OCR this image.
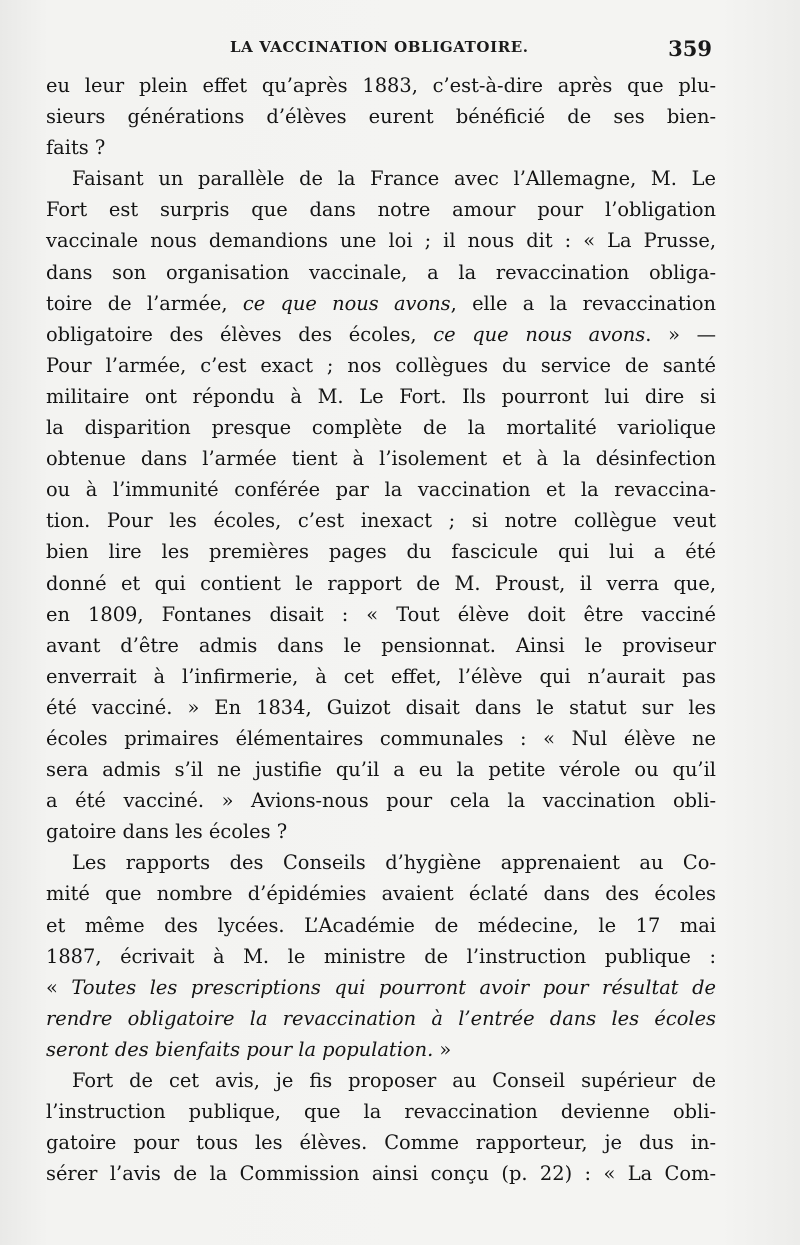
LA VACCINATION OBLIGATOIRE.	359
eu leur plein effet qu’après 1883, c’est-à-dire après que plu-
sieurs générations d’élèves eurent bénéficié de ses bien-
faits ?
Faisant un parallèle de la France avec l’Allemagne, M. Le
Fort est surpris que dans notre amour pour l’obligation
vaccinale nous demandions une loi ; il nous dit : « La Prusse,
dans son organisation vaccinale, a la revaccination obliga-
toire de l’armée, ce que nous avons, elle a la revaccination
obligatoire des élèves des écoles, ce que nous avons. » —
Pour l’armée, c’est exact ; nos collègues du service de santé
militaire ont répondu à M. Le Fort. Ils pourront lui dire si
la disparition presque complète de la mortalité variolique
obtenue dans l’armée tient à l’isolement et à la désinfection
ou à l’immunité conférée par la vaccination et la revaccina-
tion. Pour les écoles, c’est inexact ; si notre collègue veut
bien lire les premières pages du fascicule qui lui a été
donné et qui contient le rapport de M. Proust, il verra que,
en 1809, Fontanes disait : « Tout élève doit être vacciné
avant d’être admis dans le pensionnat. Ainsi le proviseur
enverrait à l’infirmerie, à cet effet, l’élève qui n’aurait pas
été vacciné. » En 1834, Guizot disait dans le statut sur les
écoles primaires élémentaires communales : « Nul élève ne
sera admis s’il ne justifie qu’il a eu la petite vérole ou qu’il
a été vacciné. » Avions-nous pour cela la vaccination obli-
gatoire dans les écoles ?
Les rapports des Conseils d’hygiène apprenaient au Co-
mité que nombre d’épidémies avaient éclaté dans des écoles
et même des lycées. L’Académie de médecine, le 17 mai
1887, écrivait à M. le ministre de l’instruction publique :
« Toutes les prescriptions qui pourront avoir pour résultat de
rendre obligatoire la revaccination à l’entrée dans les écoles
seront des bienfaits pour la population. »
Fort de cet avis, je fis proposer au Conseil supérieur de
l’instruction publique, que la revaccination devienne obli-
gatoire pour tous les élèves. Comme rapporteur, je dus in-
sérer l’avis de la Commission ainsi conçu (p. 22) : « La Com-
